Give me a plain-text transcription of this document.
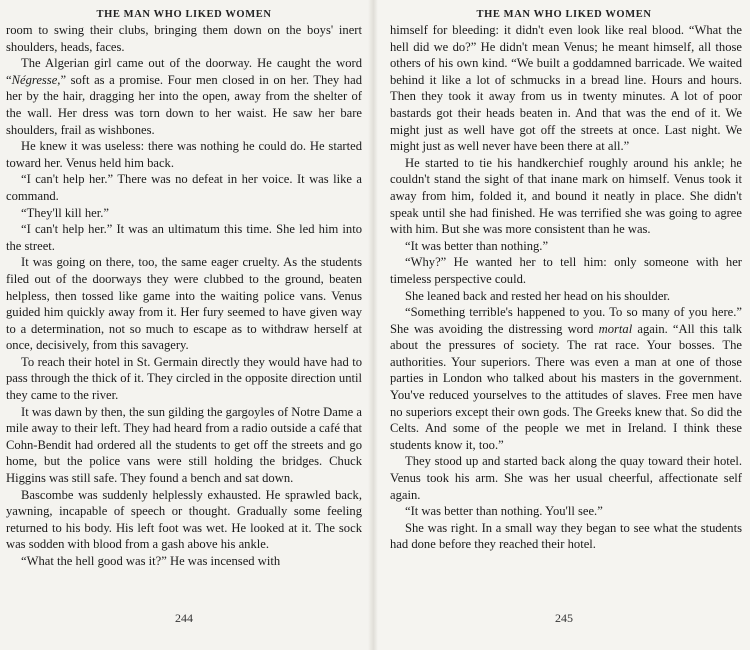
THE MAN WHO LIKED WOMEN

room to swing their clubs, bringing them down on the boys' inert shoulders, heads, faces.

The Algerian girl came out of the doorway. He caught the word “Négresse,” soft as a promise. Four men closed in on her. They had her by the hair, dragging her into the open, away from the shelter of the wall. Her dress was torn down to her waist. He saw her bare shoulders, frail as wishbones.

He knew it was useless: there was nothing he could do. He started toward her. Venus held him back.

“I can't help her.” There was no defeat in her voice. It was like a command.

“They'll kill her.”

“I can't help her.” It was an ultimatum this time. She led him into the street.

It was going on there, too, the same eager cruelty. As the students filed out of the doorways they were clubbed to the ground, beaten helpless, then tossed like game into the waiting police vans. Venus guided him quickly away from it. Her fury seemed to have given way to a determination, not so much to escape as to withdraw herself at once, decisively, from this savagery.

To reach their hotel in St. Germain directly they would have had to pass through the thick of it. They circled in the opposite direction until they came to the river.

It was dawn by then, the sun gilding the gargoyles of Notre Dame a mile away to their left. They had heard from a radio outside a café that Cohn-Bendit had ordered all the students to get off the streets and go home, but the police vans were still holding the bridges. Chuck Higgins was still safe. They found a bench and sat down.

Bascombe was suddenly helplessly exhausted. He sprawled back, yawning, incapable of speech or thought. Gradually some feeling returned to his body. His left foot was wet. He looked at it. The sock was sodden with blood from a gash above his ankle.

“What the hell good was it?” He was incensed with

244
THE MAN WHO LIKED WOMEN

himself for bleeding: it didn't even look like real blood. “What the hell did we do?” He didn't mean Venus; he meant himself, all those others of his own kind. “We built a goddamned barricade. We waited behind it like a lot of schmucks in a bread line. Hours and hours. Then they took it away from us in twenty minutes. A lot of poor bastards got their heads beaten in. And that was the end of it. We might just as well have got off the streets at once. Last night. We might just as well never have been there at all.”

He started to tie his handkerchief roughly around his ankle; he couldn't stand the sight of that inane mark on himself. Venus took it away from him, folded it, and bound it neatly in place. She didn't speak until she had finished. He was terrified she was going to agree with him. But she was more consistent than he was.

“It was better than nothing.”

“Why?” He wanted her to tell him: only someone with her timeless perspective could.

She leaned back and rested her head on his shoulder.

“Something terrible's happened to you. To so many of you here.” She was avoiding the distressing word mortal again. “All this talk about the pressures of society. The rat race. Your bosses. The authorities. Your superiors. There was even a man at one of those parties in London who talked about his masters in the government. You've reduced yourselves to the attitudes of slaves. Free men have no superiors except their own gods. The Greeks knew that. So did the Celts. And some of the people we met in Ireland. I think these students know it, too.”

They stood up and started back along the quay toward their hotel. Venus took his arm. She was her usual cheerful, affectionate self again.

“It was better than nothing. You'll see.”

She was right. In a small way they began to see what the students had done before they reached their hotel.

245
